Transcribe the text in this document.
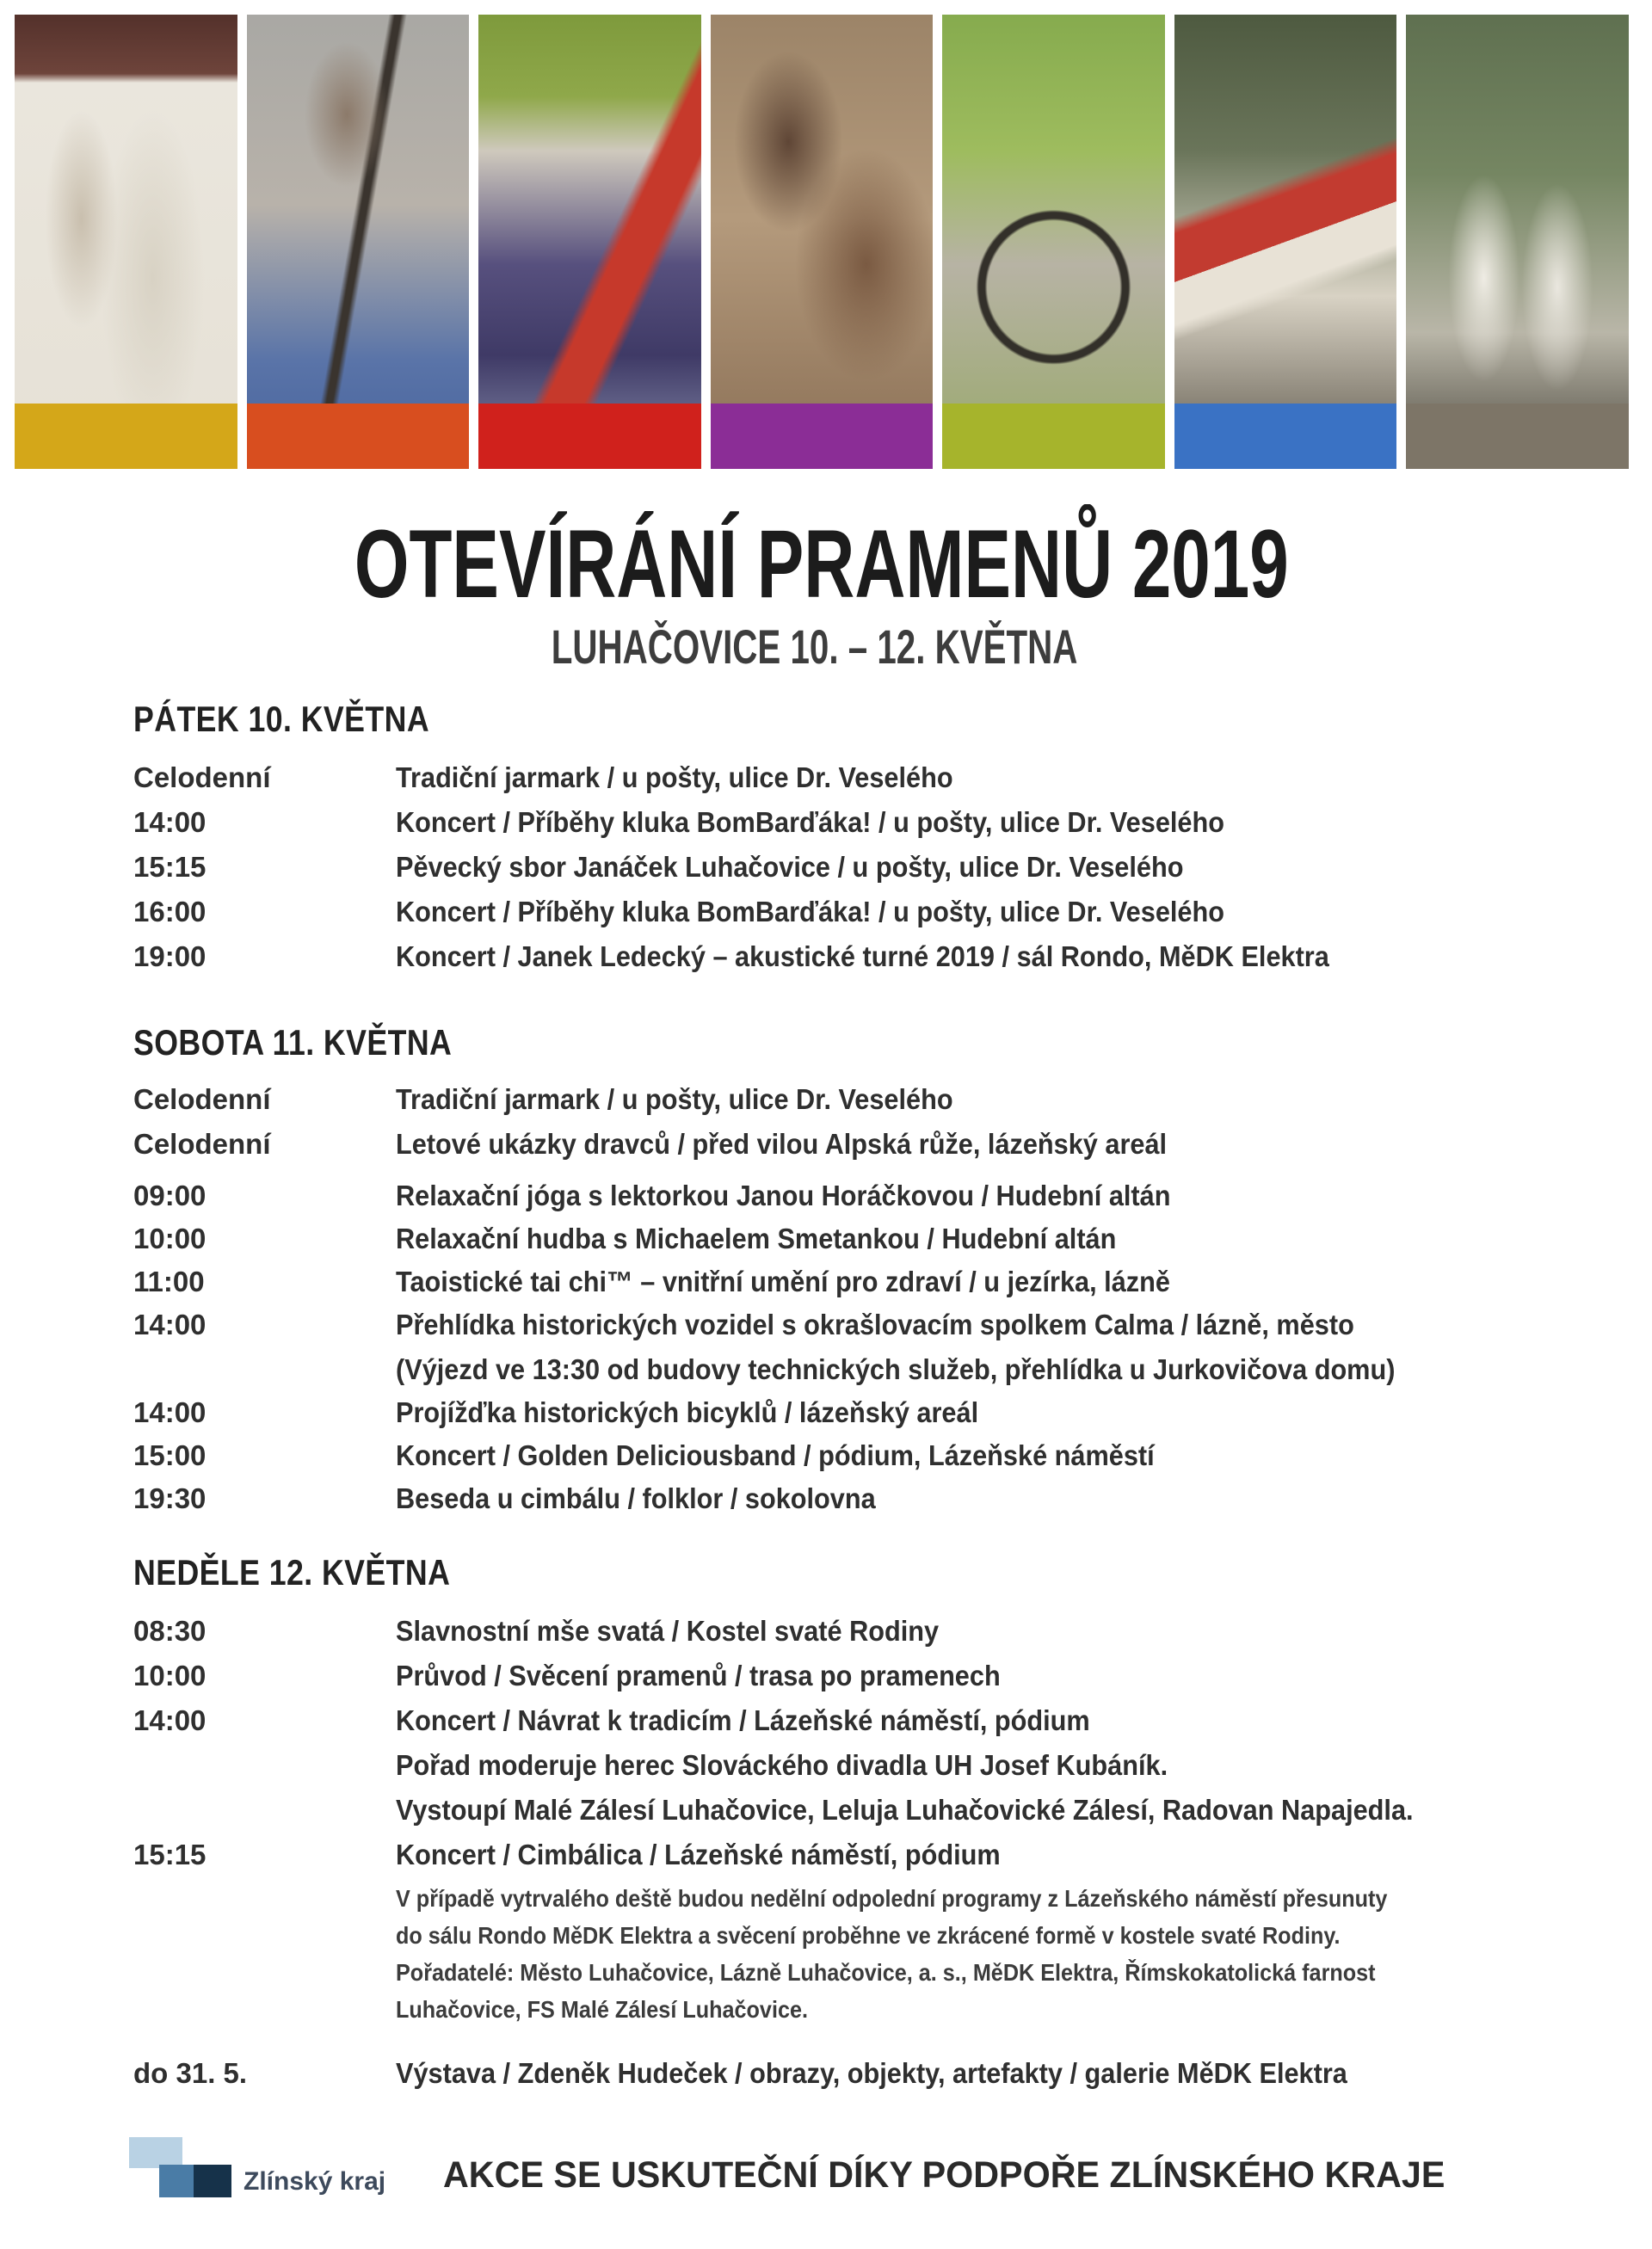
OTEVÍRÁNÍ PRAMENŮ 2019
LUHAČOVICE 10. – 12. KVĚTNA
PÁTEK 10. KVĚTNA
Celodenní	Tradiční jarmark / u pošty, ulice Dr. Veselého
14:00	Koncert / Příběhy kluka BomBarďáka! / u pošty, ulice Dr. Veselého
15:15	Pěvecký sbor Janáček Luhačovice / u pošty, ulice Dr. Veselého
16:00	Koncert / Příběhy kluka BomBarďáka! / u pošty, ulice Dr. Veselého
19:00	Koncert / Janek Ledecký – akustické turné 2019 / sál Rondo, MěDK Elektra
SOBOTA 11. KVĚTNA
Celodenní	Tradiční jarmark / u pošty, ulice Dr. Veselého
Celodenní	Letové ukázky dravců / před vilou Alpská růže, lázeňský areál
09:00	Relaxační jóga s lektorkou Janou Horáčkovou / Hudební altán
10:00	Relaxační hudba s Michaelem Smetankou / Hudební altán
11:00	Taoistické tai chi™ – vnitřní umění pro zdraví / u jezírka, lázně
14:00	Přehlídka historických vozidel s okrašlovacím spolkem Calma / lázně, město
(Výjezd ve 13:30 od budovy technických služeb, přehlídka u Jurkovičova domu)
14:00	Projížďka historických bicyklů / lázeňský areál
15:00	Koncert / Golden Deliciousband / pódium, Lázeňské náměstí
19:30	Beseda u cimbálu / folklor / sokolovna
NEDĚLE 12. KVĚTNA
08:30	Slavnostní mše svatá / Kostel svaté Rodiny
10:00	Průvod / Svěcení pramenů / trasa po pramenech
14:00	Koncert / Návrat k tradicím / Lázeňské náměstí, pódium
Pořad moderuje herec Slováckého divadla UH Josef Kubáník.
Vystoupí Malé Zálesí Luhačovice, Leluja Luhačovické Zálesí, Radovan Napajedla.
15:15	Koncert / Cimbálica / Lázeňské náměstí, pódium
V případě vytrvalého deště budou nedělní odpolední programy z Lázeňského náměstí přesunuty
do sálu Rondo MěDK Elektra a svěcení proběhne ve zkrácené formě v kostele svaté Rodiny.
Pořadatelé: Město Luhačovice, Lázně Luhačovice, a. s., MěDK Elektra, Římskokatolická farnost
Luhačovice, FS Malé Zálesí Luhačovice.
do 31. 5.	Výstava / Zdeněk Hudeček / obrazy, objekty, artefakty / galerie MěDK Elektra
Zlínský kraj AKCE SE USKUTEČNÍ DÍKY PODPOŘE ZLÍNSKÉHO KRAJE
